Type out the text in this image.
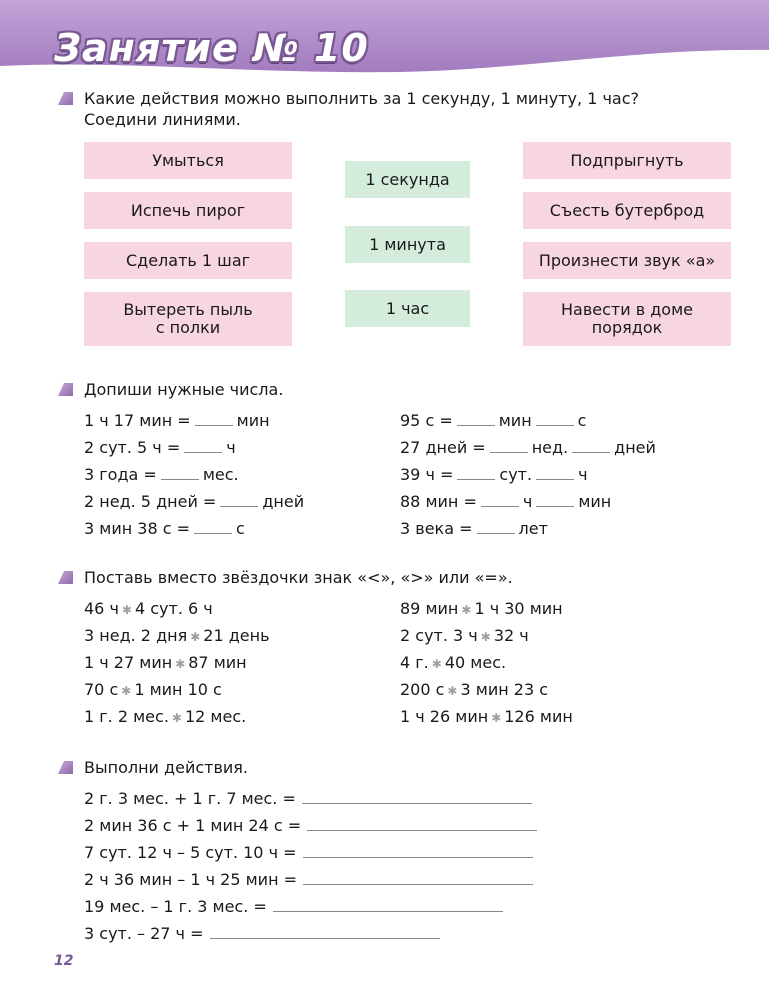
Занятие № 10
Какие действия можно выполнить за 1 секунду, 1 минуту, 1 час?
Соедини линиями.
Умыться
Испечь пирог
Сделать 1 шаг
Вытереть пыль
с полки
1 секунда
1 минута
1 час
Подпрыгнуть
Съесть бутерброд
Произнести звук «а»
Навести в доме
порядок
Допиши нужные числа.
1 ч 17 мин =	мин
2 сут. 5 ч =	ч
3 года =	мес.
2 нед. 5 дней =	дней
3 мин 38 с =	с
95 с =	мин	с
27 дней =	нед.	дней
39 ч =	сут.	ч
88 мин =	ч	мин
3 века =	лет
Поставь вместо звёздочки знак «<», «>» или «=».
46 ч ✱ 4 сут. 6 ч
3 нед. 2 дня ✱ 21 день
1 ч 27 мин ✱ 87 мин
70 с ✱ 1 мин 10 с
1 г. 2 мес. ✱ 12 мес.
89 мин ✱ 1 ч 30 мин
2 сут. 3 ч ✱ 32 ч
4 г. ✱ 40 мес.
200 с ✱ 3 мин 23 с
1 ч 26 мин ✱ 126 мин
Выполни действия.
2 г. 3 мес. + 1 г. 7 мес. =
2 мин 36 с + 1 мин 24 с =
7 сут. 12 ч – 5 сут. 10 ч =
2 ч 36 мин – 1 ч 25 мин =
19 мес. – 1 г. 3 мес. =
3 сут. – 27 ч =
12
